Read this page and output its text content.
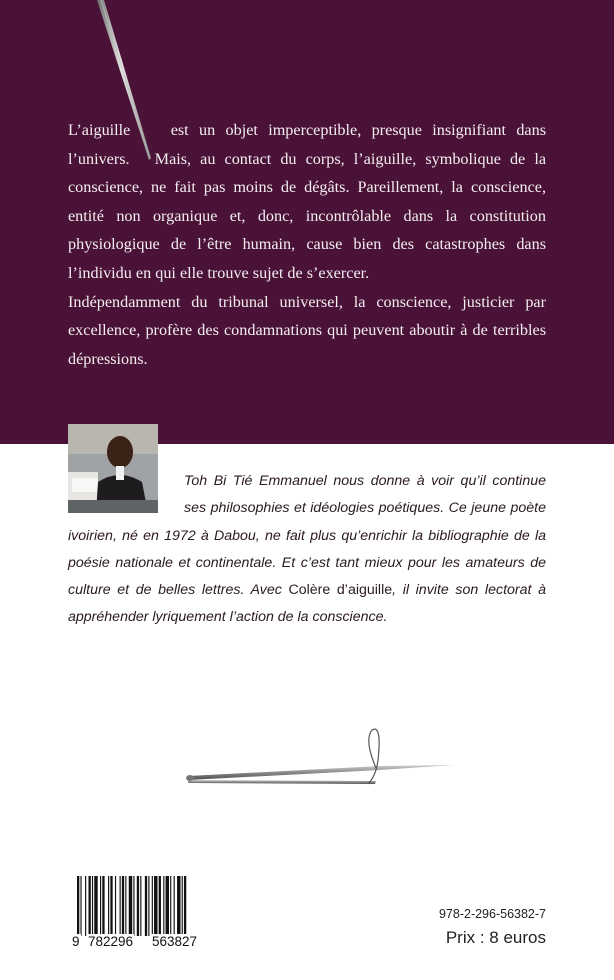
L’aiguille est un objet imperceptible, presque insignifiant dans l’univers. Mais, au contact du corps, l’aiguille, symbolique de la conscience, ne fait pas moins de dégâts. Pareillement, la conscience, entité non organique et, donc, incontrôlable dans la constitution physiologique de l’être humain, cause bien des catastrophes dans l’individu en qui elle trouve sujet de s’exercer.

Indépendamment du tribunal universel, la conscience, justicier par excellence, profère des condamnations qui peuvent aboutir à de terribles dépressions.

Toh Bi Tié Emmanuel nous donne à voir qu’il continue ses philosophies et idéologies poétiques. Ce jeune poète ivoirien, né en 1972 à Dabou, ne fait plus qu’enrichir la bibliographie de la poésie nationale et continentale. Et c’est tant mieux pour les amateurs de culture et de belles lettres. Avec Colère d’aiguille, il invite son lectorat à appréhender lyriquement l’action de la conscience.
9 782296 563827
978-2-296-56382-7
Prix : 8 euros
